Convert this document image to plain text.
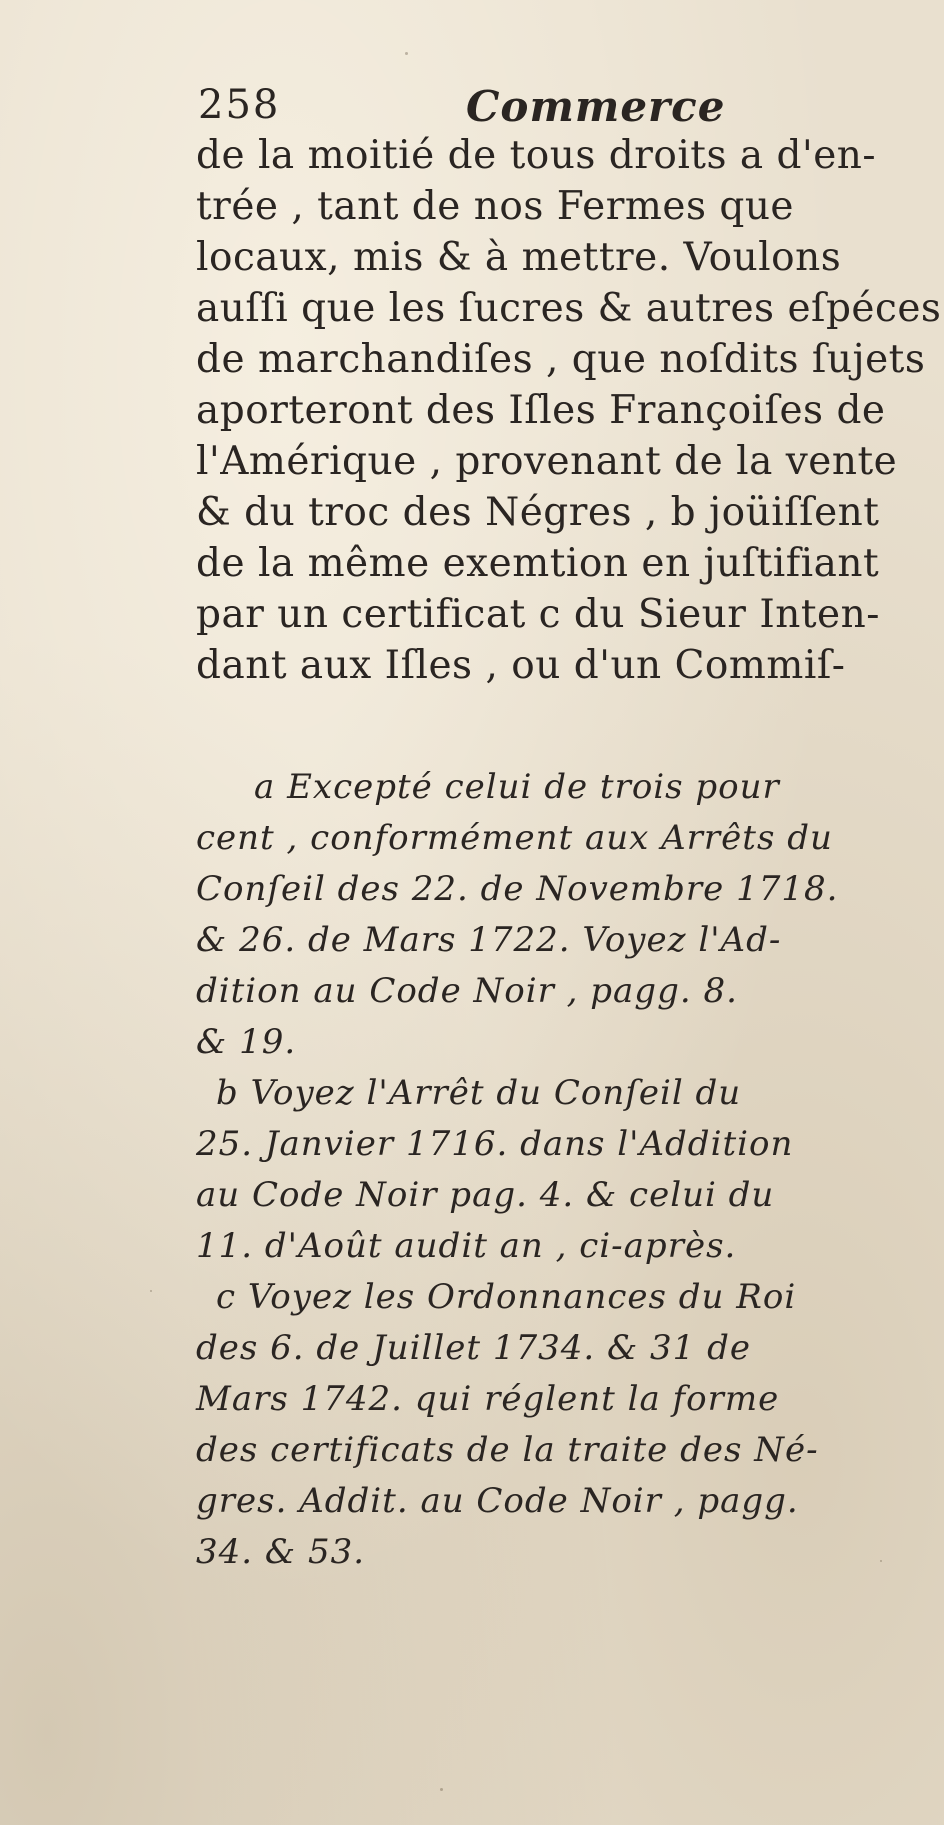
258	Commerce
de la moitié de tous droits a d'en-
trée , tant de nos Fermes que
locaux, mis & à mettre. Voulons
auſſi que les ſucres & autres eſpéces
de marchandiſes , que noſdits ſujets
aporteront des Iſles Françoiſes de
l'Amérique , provenant de la vente
& du troc des Négres , b joüiſſent
de la même exemtion en juſtifiant
par un certificat c du Sieur Inten-
dant aux Iſles , ou d'un Commiſ-
a Excepté celui de trois pour
cent , conformément aux Arrêts du
Conſeil des 22. de Novembre 1718.
& 26. de Mars 1722. Voyez l'Ad-
dition au Code Noir , pagg. 8.
& 19.
b Voyez l'Arrêt du Conſeil du
25. Janvier 1716. dans l'Addition
au Code Noir pag. 4. & celui du
11. d'Août audit an , ci-après.
c Voyez les Ordonnances du Roi
des 6. de Juillet 1734. & 31 de
Mars 1742. qui réglent la forme
des certificats de la traite des Né-
gres. Addit. au Code Noir , pagg.
34. & 53.
